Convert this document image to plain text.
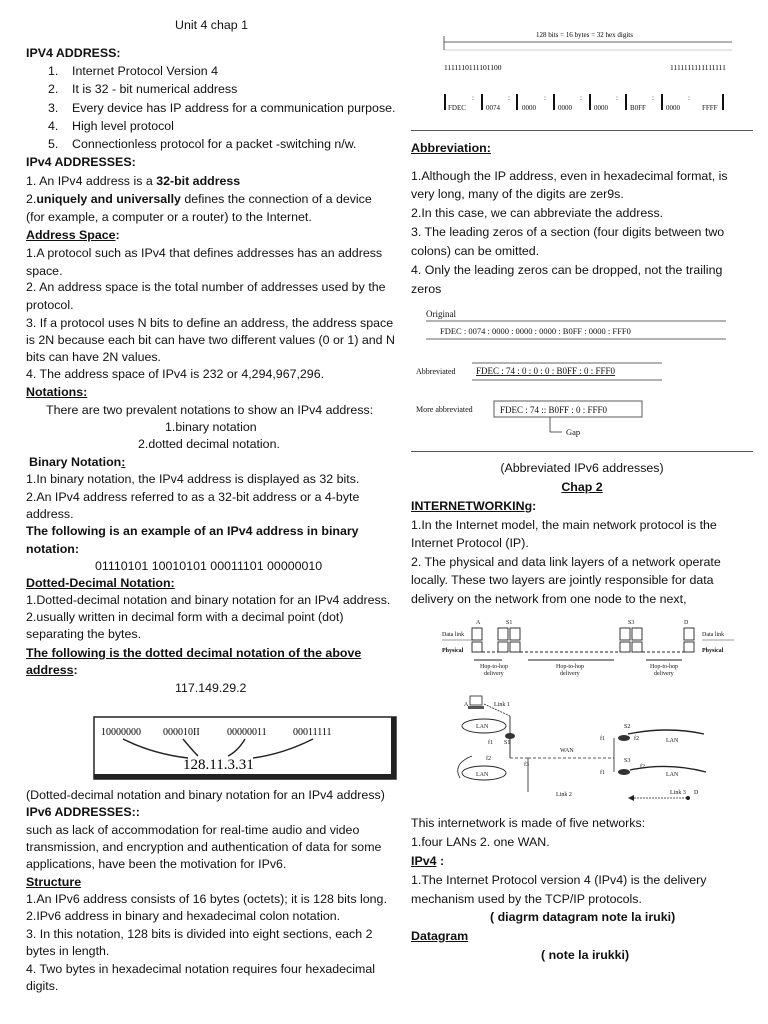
Unit 4 chap 1
IPV4 ADDRESS:
1. Internet Protocol Version 4
2. It is 32 - bit numerical address
3. Every device has IP address for a communication purpose.
4. High level protocol
5. Connectionless protocol for a packet -switching n/w.
IPv4 ADDRESSES:
1. An IPv4 address is a 32-bit address
2.uniquely and universally defines the connection of a device
(for example, a computer or a router) to the Internet.
Address Space:
1.A protocol such as IPv4 that defines addresses has an address
space.
2. An address space is the total number of addresses used by the
protocol.
3. If a protocol uses N bits to define an address, the address space
is 2N because each bit can have two different values (0 or 1) and N
bits can have 2N values.
4. The address space of IPv4 is 232 or 4,294,967,296.
Notations:
There are two prevalent notations to show an IPv4 address:
1.binary notation
2.dotted decimal notation.
Binary Notation:
1.In binary notation, the IPv4 address is displayed as 32 bits.
2.An IPv4 address referred to as a 32-bit address or a 4-byte
address.
The following is an example of an IPv4 address in binary
notation:
01110101 10010101 00011101 00000010
Dotted-Decimal Notation:
1.Dotted-decimal notation and binary notation for an IPv4 address.
2.usually written in decimal form with a decimal point (dot)
separating the bytes.
The following is the dotted decimal notation of the above
address:
117.149.29.2
10000000 000010II	00000011	00011111
128.11.3.31
(Dotted-decimal notation and binary notation for an IPv4 address)
IPv6 ADDRESSES::
such as lack of accommodation for real-time audio and video
transmission, and encryption and authentication of data for some
applications, have been the motivation for IPv6.
Structure
1.An IPv6 address consists of 16 bytes (octets); it is 128 bits long.
2.IPv6 address in binary and hexadecimal colon notation.
3. In this notation, 128 bits is divided into eight sections, each 2
bytes in length.
4. Two bytes in hexadecimal notation requires four hexadecimal
digits.
128 bits = 16 bytes = 32 hex digits
1111110111101100	1111111111111111
FDEC
:
0074
:
0000
:
0000
:
0000
:
B0FF
:
0000
:
FFFF
Abbreviation:
1.Although the IP address, even in hexadecimal format, is
very long, many of the digits are zer9s.
2.In this case, we can abbreviate the address.
3. The leading zeros of a section (four digits between two
colons) can be omitted.
4. Only the leading zeros can be dropped, not the trailing
zeros
Original
FDEC : 0074 : 0000 : 0000 : 0000 : B0FF : 0000 : FFF0
Abbreviated FDEC : 74 : 0 : 0 : 0 : B0FF : 0 : FFF0
More abbreviated	FDEC : 74 :: B0FF : 0 : FFF0
Gap
(Abbreviated IPv6 addresses)
Chap 2
INTERNETWORKINg:
1.In the Internet model, the main network protocol is the
Internet Protocol (IP).
2. The physical and data link layers of a network operate
locally. These two layers are jointly responsible for data
delivery on the network from one node to the next,
Data link
Physical
Data link
Physical
A	S1	S3	D
Hop-to-hop
delivery
Hop-to-hop
delivery
Hop-to-hop
delivery
A	Link 1
LAN
f1 S1
f2
LAN
WAN
f3
Link 2
S2
f1	f2	LAN
S3
f1
f2
LAN
Link 3 D
This internetwork is made of five networks:
1.four LANs 2. one WAN.
IPv4 :
1.The Internet Protocol version 4 (IPv4) is the delivery
mechanism used by the TCP/IP protocols.
( diagrm datagram note la iruki)
Datagram
( note la irukki)
